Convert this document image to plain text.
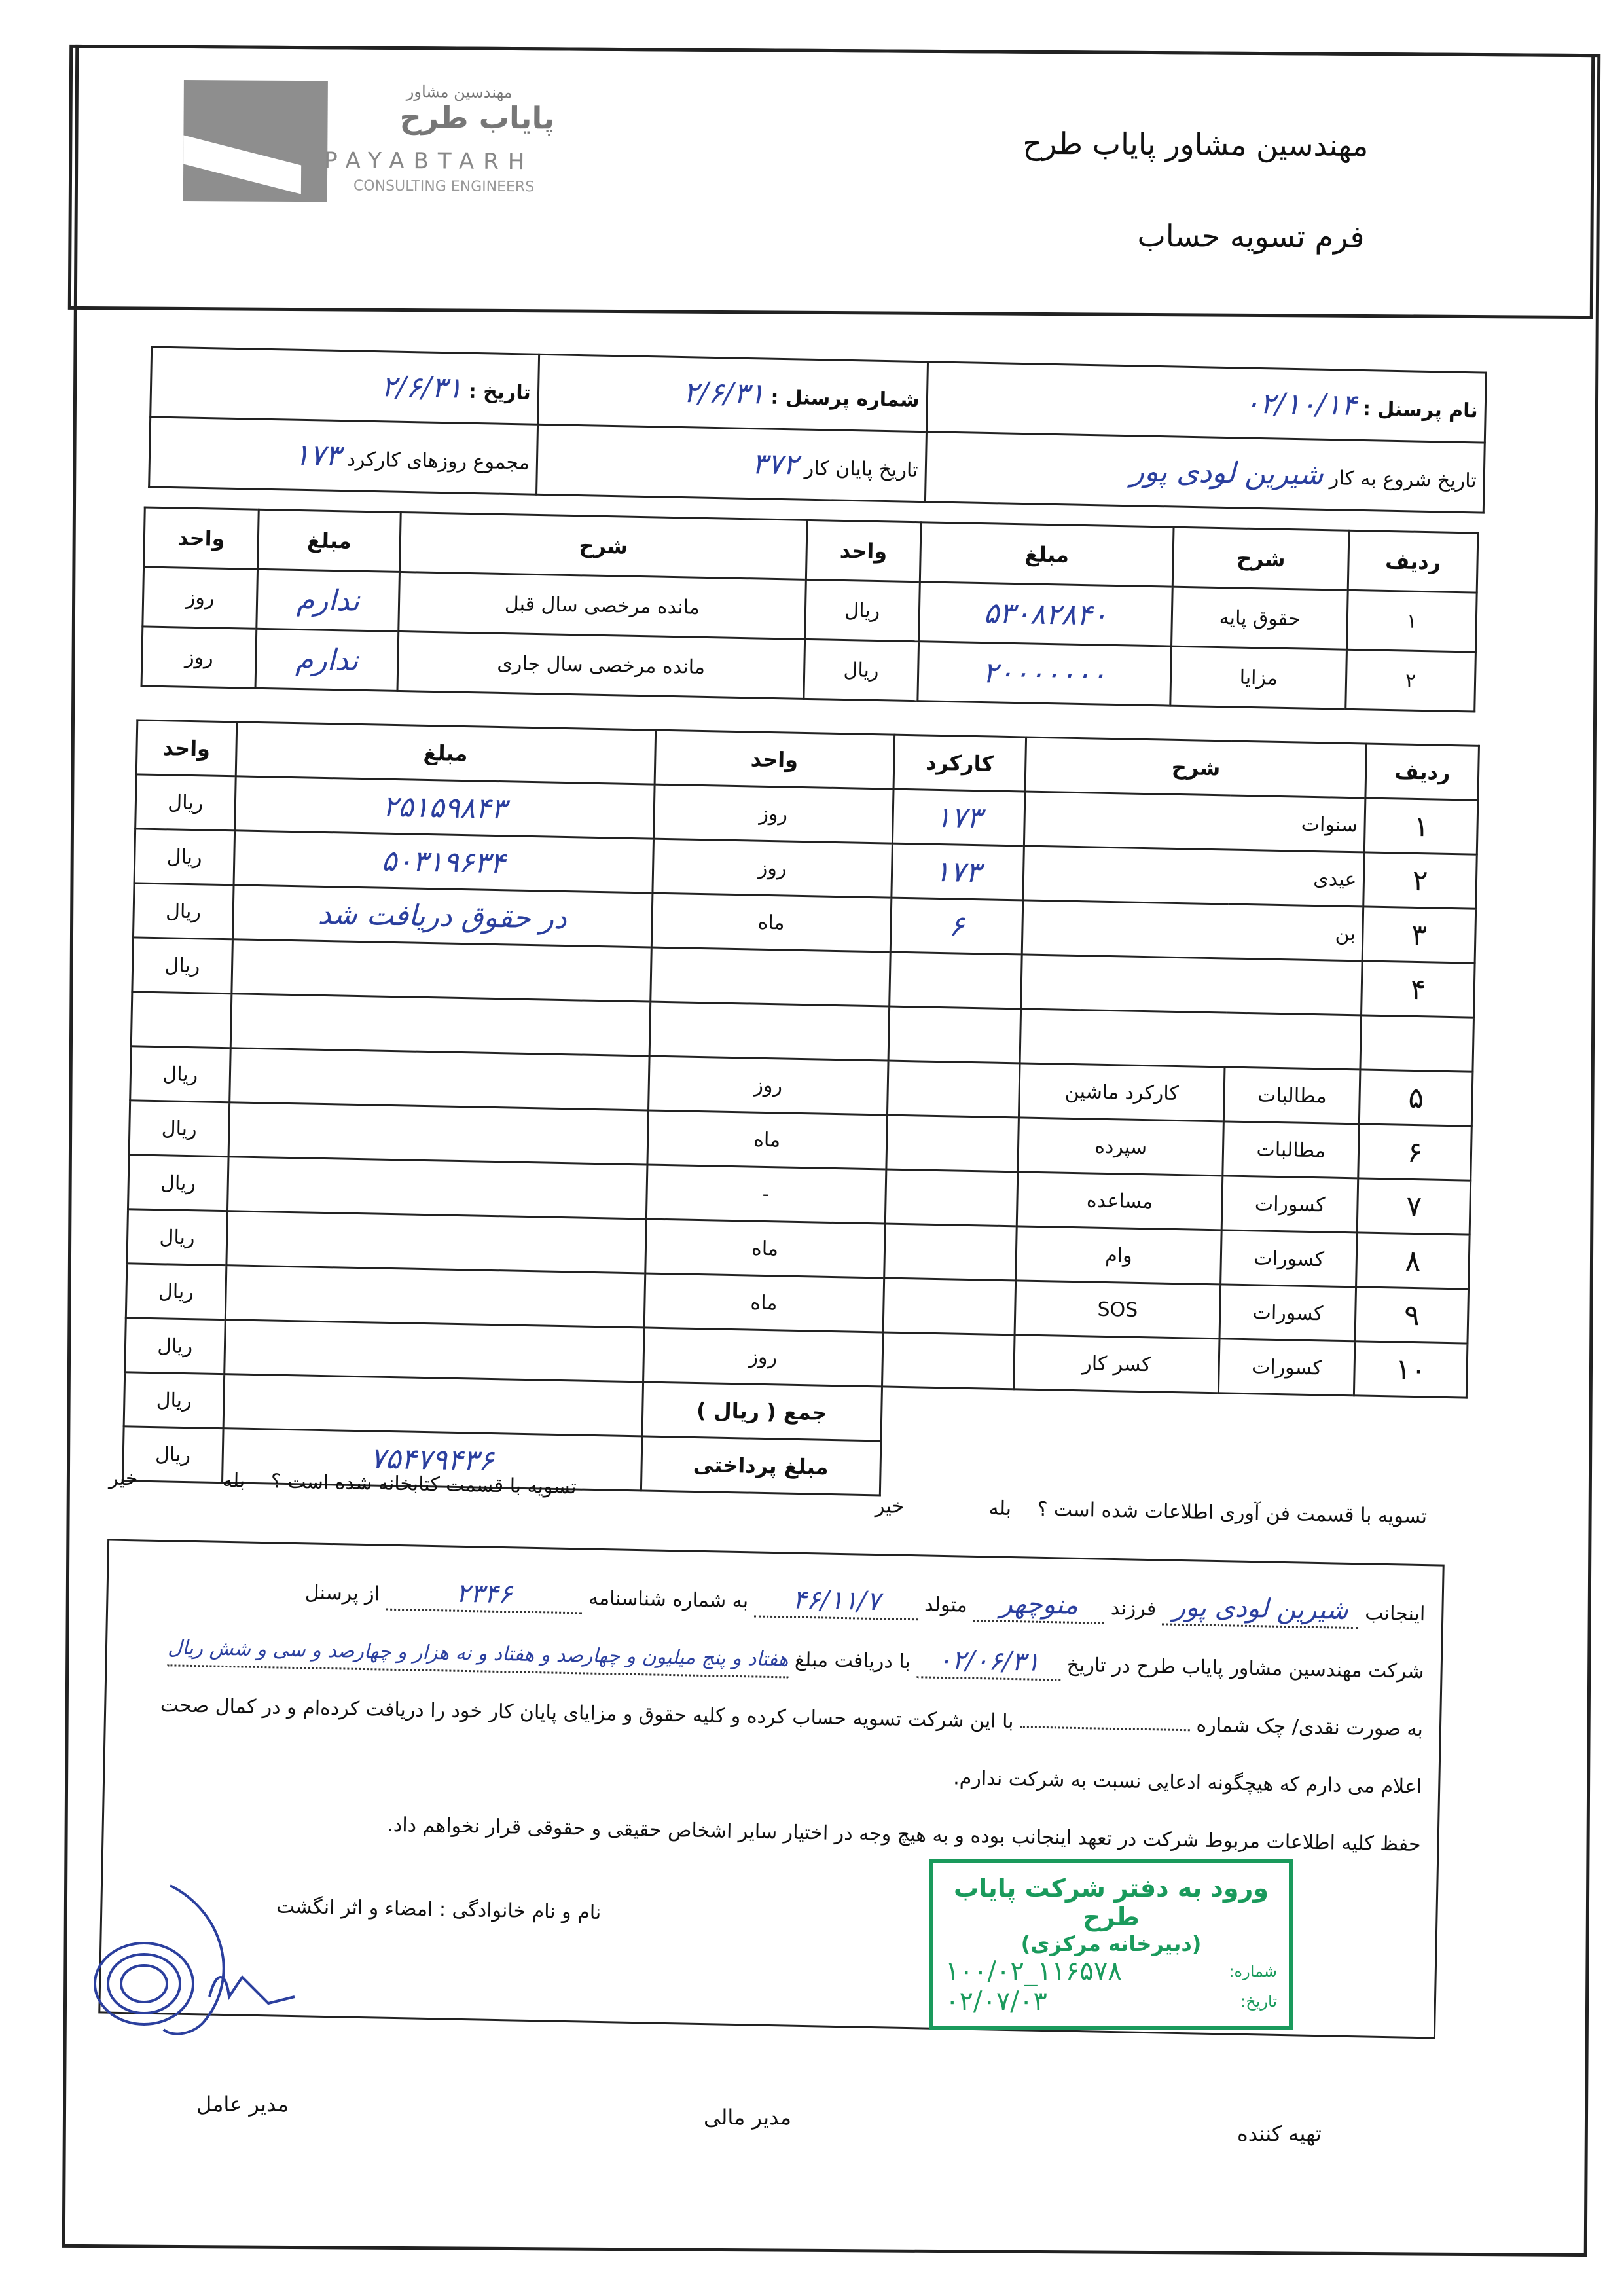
مهندسین مشاور
پایاب طرح
PAYABTARH
CONSULTING ENGINEERS
مهندسین مشاور پایاب طرح
فرم تسویه حساب
نام پرسنل : ۰۲/۱۰/۱۴	شماره پرسنل : ۲/۶/۳۱	تاریخ : ۲/۶/۳۱
تاریخ شروع به کار شیرین لودی پور	تاریخ پایان کار ۳۷۲	مجموع روزهای کارکرد ۱۷۳
ردیف	شرح	مبلغ	واحد	شرح	مبلغ	واحد
۱	حقوق پایه	۵۳۰۸۲۸۴۰	ریال	مانده مرخصی سال قبل	ندارم	روز
۲	مزایا	۲۰۰۰۰۰۰۰	ریال	مانده مرخصی سال جاری	ندارم	روز
ردیف	شرح		کارکرد	واحد	مبلغ	واحد
۱	سنوات		۱۷۳	روز	۲۵۱۵۹۸۴۳	ریال
۲	عیدی		۱۷۳	روز	۵۰۳۱۹۶۳۴	ریال
۳	بن		۶	ماه	در حقوق دریافت شد	ریال
۴						ریال

۵	مطالبات	کارکرد ماشین		روز		ریال
۶	مطالبات	سپرده		ماه		ریال
۷	کسورات	مساعده		-		ریال
۸	کسورات	وام		ماه		ریال
۹	کسورات	SOS		ماه		ریال
۱۰	کسورات	کسر کار		روز		ریال
				جمع ( ریال )		ریال
				مبلغ پرداختی	۷۵۴۷۹۴۳۶	ریال
تسویه با قسمت فن آوری اطلاعات شده است ؟ بله خیر
تسویه با قسمت کتابخانه شده است ؟ بله خیر
اینجانب شیرین لودی پور فرزند منوچهر متولد ۴۶/۱۱/۷ به شماره شناسنامه ۲۳۴۶ از پرسنل
شرکت مهندسین مشاور پایاب طرح در تاریخ ۰۲/۰۶/۳۱ با دریافت مبلغ هفتاد و پنج میلیون و چهارصد و هفتاد و نه هزار و چهارصد و سی و شش ریال
به صورت نقدی/ چک شماره  با این شرکت تسویه حساب کرده و کلیه حقوق و مزایای پایان کار خود را دریافت کرده‌ام و در کمال صحت
اعلام می دارم که هیچگونه ادعایی نسبت به شرکت ندارم.
حفظ کلیه اطلاعات مربوط شرکت در تعهد اینجانب بوده و به هیچ وجه در اختیار سایر اشخاص حقیقی و حقوقی قرار نخواهم داد.
نام و نام خانوادگی : امضاء و اثر انگشت
ورود به دفتر شرکت پایاب طرح
(دبیرخانه مرکزی)
شماره:
۱۰۰/۰۲_۱۱۶۵۷۸
تاریخ:
۰۲/۰۷/۰۳
مدیر عامل
مدیر مالی
تهیه کننده
